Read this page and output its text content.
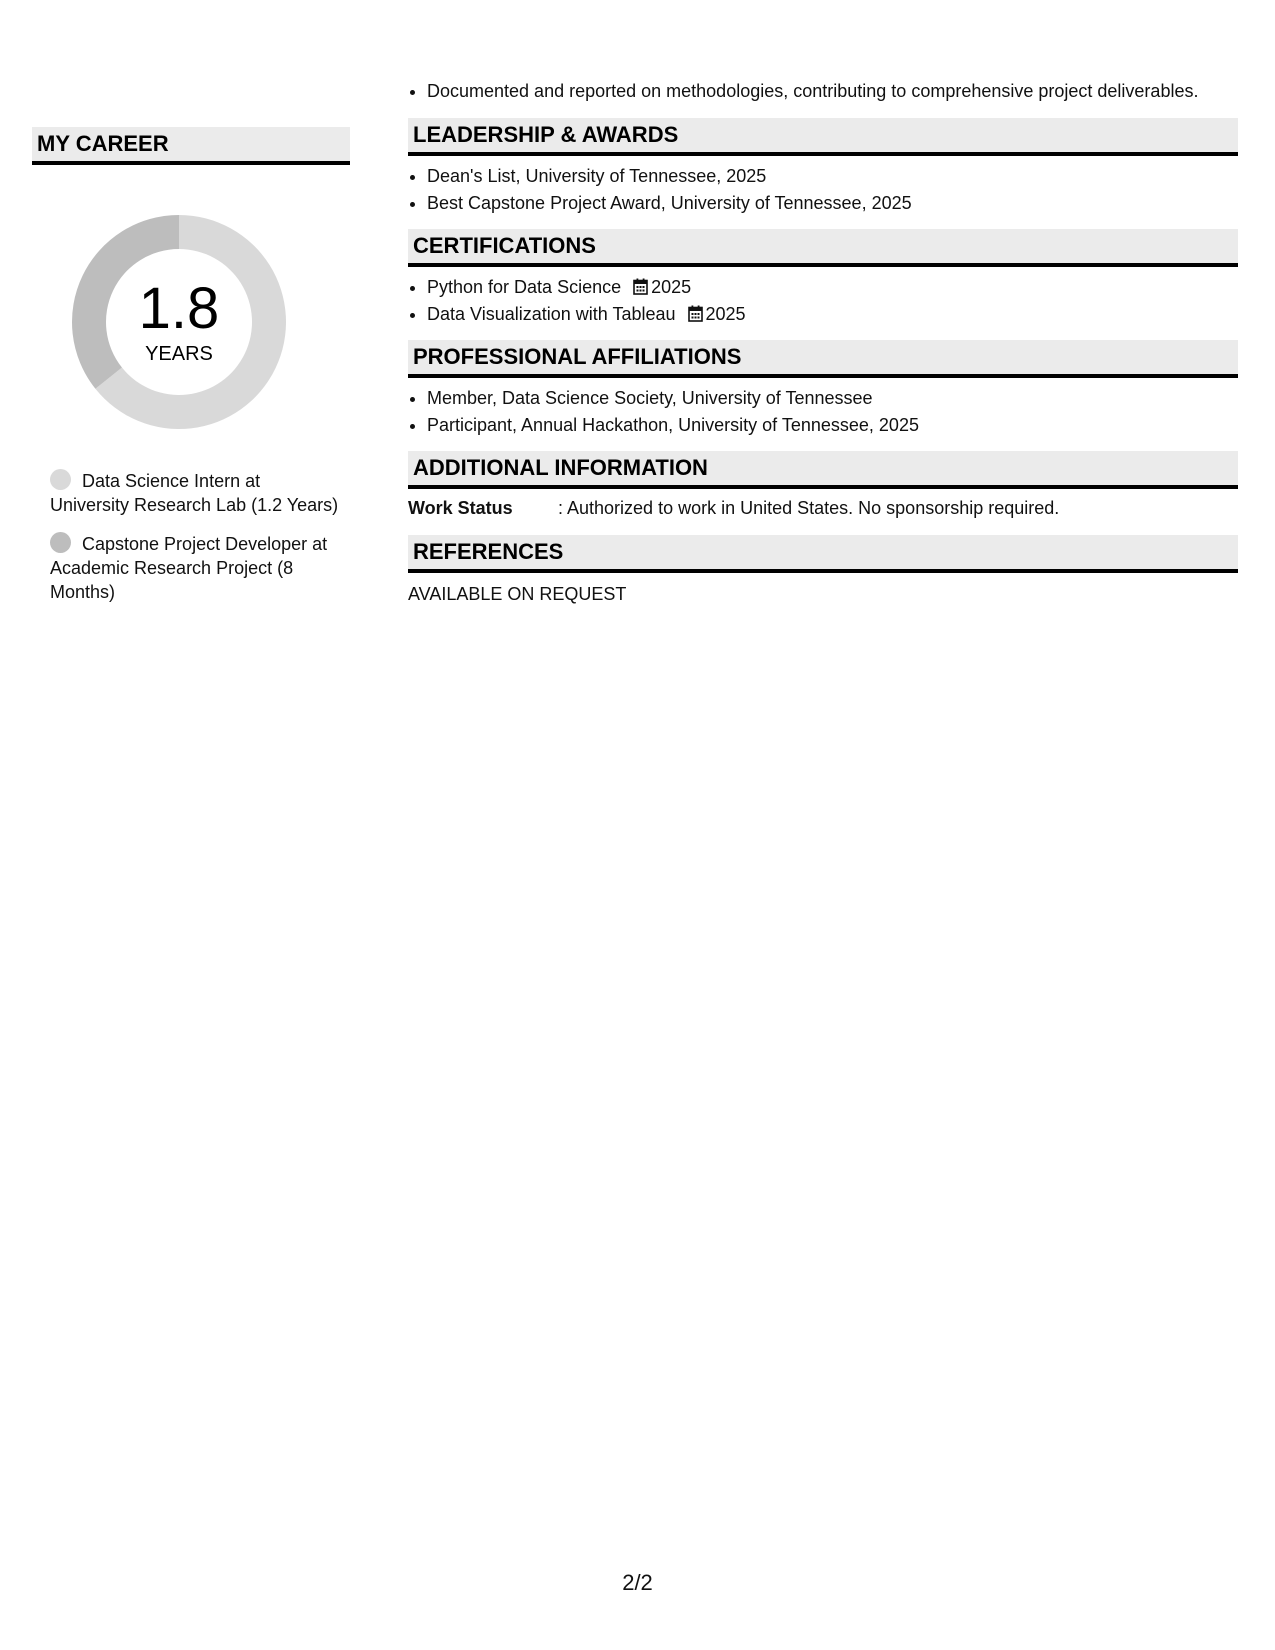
MY CAREER
1.8
YEARS
Data Science Intern at University Research Lab (1.2 Years)
Capstone Project Developer at Academic Research Project (8 Months)
• Documented and reported on methodologies, contributing to comprehensive project deliverables.
LEADERSHIP & AWARDS
• Dean's List, University of Tennessee, 2025
• Best Capstone Project Award, University of Tennessee, 2025
CERTIFICATIONS
• Python for Data Science 2025
• Data Visualization with Tableau 2025
PROFESSIONAL AFFILIATIONS
• Member, Data Science Society, University of Tennessee
• Participant, Annual Hackathon, University of Tennessee, 2025
ADDITIONAL INFORMATION
Work Status	: Authorized to work in United States. No sponsorship required.
REFERENCES
AVAILABLE ON REQUEST
2/2
